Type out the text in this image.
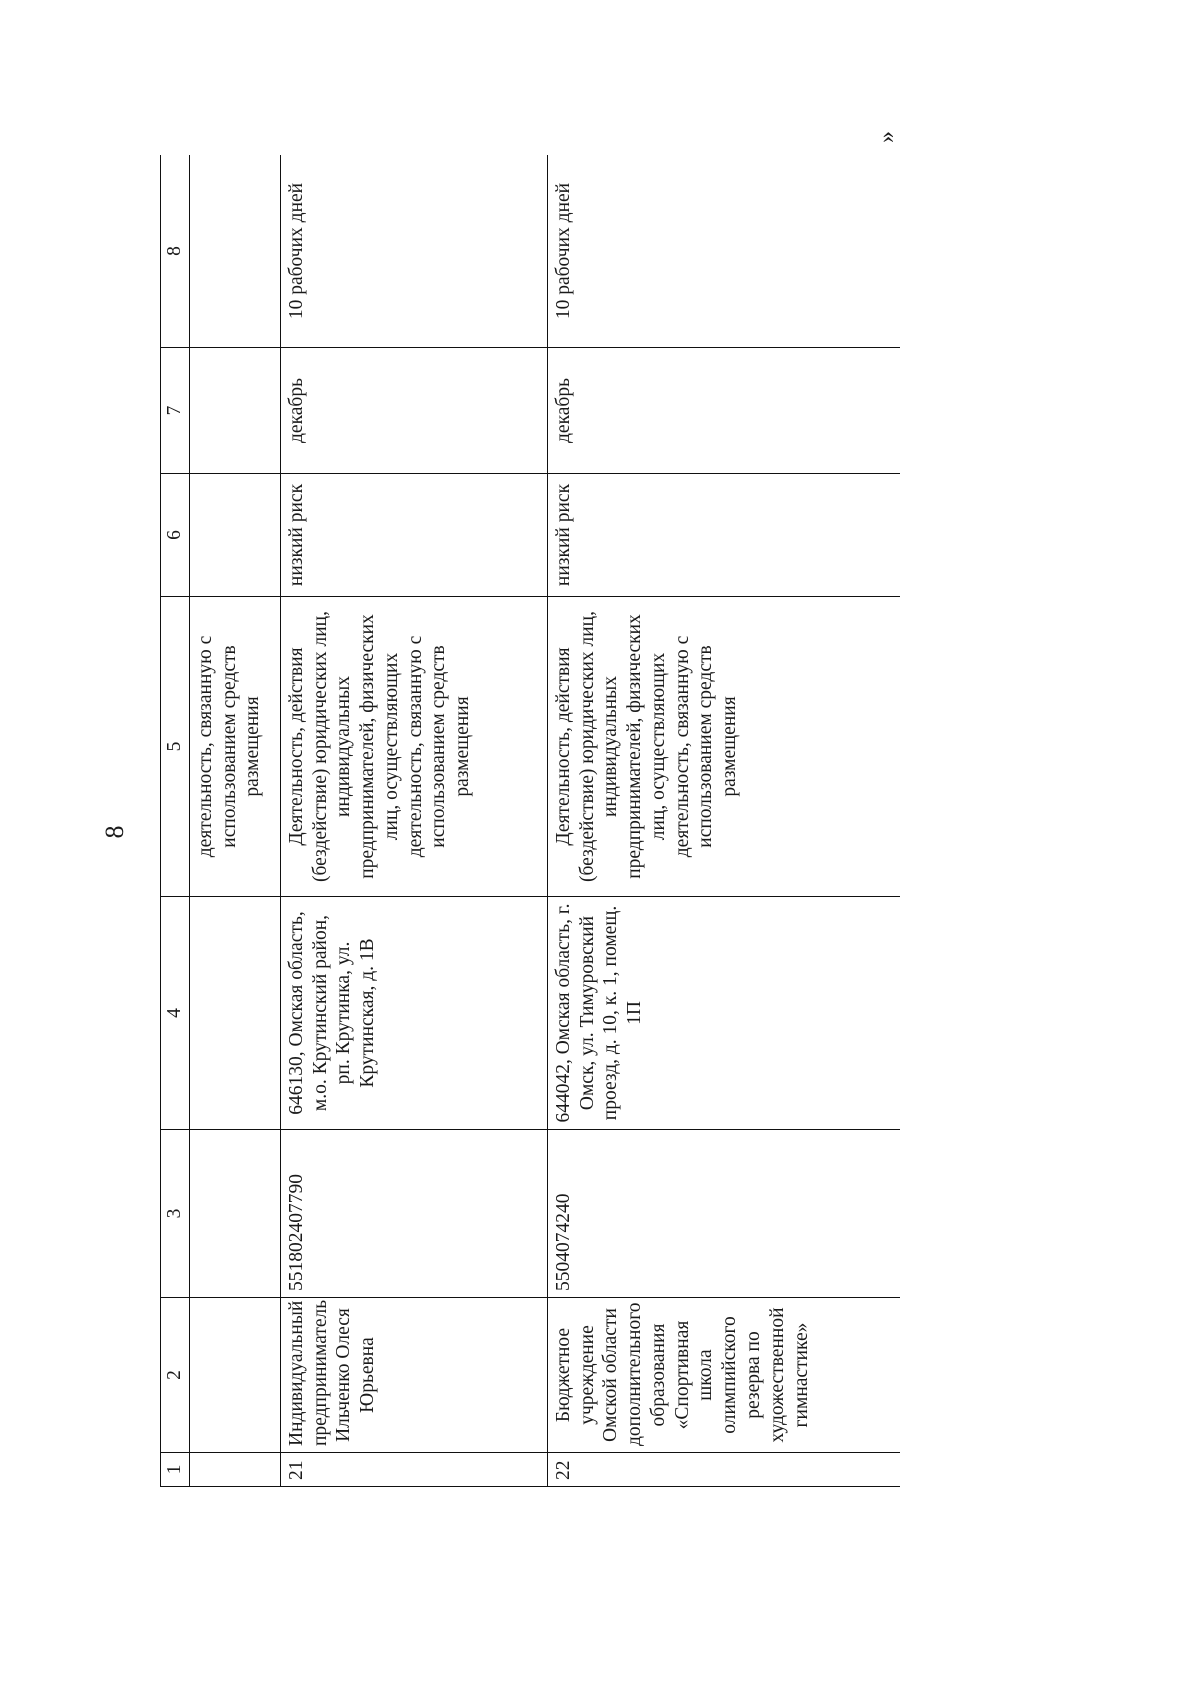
8
»
1	2	3	4	5	6	7	8
				деятельность, связанную с использованием средств размещения			
21	Индивидуальный предприниматель Ильченко Олеся Юрьевна	551802407790	646130, Омская область, м.о. Крутинский район, рп. Крутинка, ул. Крутинская, д. 1В	Деятельность, действия (бездействие) юридических лиц, индивидуальных предпринимателей, физических лиц, осуществляющих деятельность, связанную с использованием средств размещения	низкий риск	декабрь	10 рабочих дней
22	Бюджетное учреждение Омской области дополнительного образования «Спортивная школа олимпийского резерва по художественной гимнастике»	5504074240	644042, Омская область, г. Омск, ул. Тимуровский проезд, д. 10, к. 1, помещ. 1П	Деятельность, действия (бездействие) юридических лиц, индивидуальных предпринимателей, физических лиц, осуществляющих деятельность, связанную с использованием средств размещения	низкий риск	декабрь	10 рабочих дней
